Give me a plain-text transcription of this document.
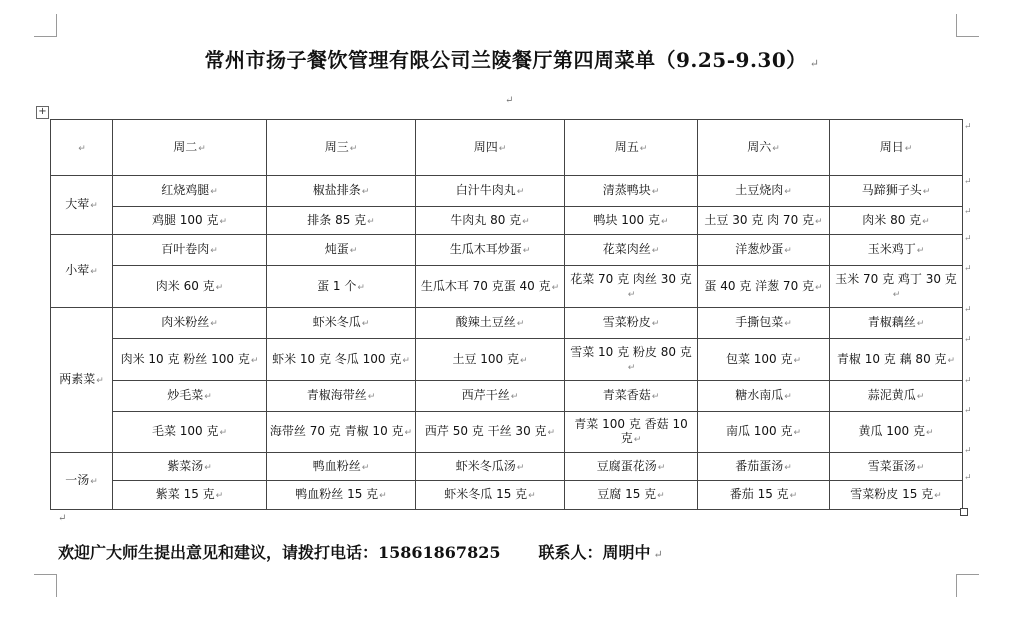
常州市扬子餐饮管理有限公司兰陵餐厅第四周菜单（9.25-9.30） ↵
↵
+
↵	周二↵	周三↵	周四↵	周五↵	周六↵	周日↵
大荤↵	红烧鸡腿↵	椒盐排条↵	白汁牛肉丸↵	清蒸鸭块↵	土豆烧肉↵	马蹄狮子头↵
	鸡腿 100 克↵	排条 85 克↵	牛肉丸 80 克↵	鸭块 100 克↵	土豆 30 克 肉 70 克↵	肉米 80 克↵
小荤↵	百叶卷肉↵	炖蛋↵	生瓜木耳炒蛋↵	花菜肉丝↵	洋葱炒蛋↵	玉米鸡丁↵
	肉米 60 克↵	蛋 1 个↵	生瓜木耳 70 克蛋 40 克↵	花菜 70 克 肉丝 30 克↵	蛋 40 克 洋葱 70 克↵	玉米 70 克 鸡丁 30 克↵
两素菜↵	肉米粉丝↵	虾米冬瓜↵	酸辣土豆丝↵	雪菜粉皮↵	手撕包菜↵	青椒藕丝↵
	肉米 10 克 粉丝 100 克↵	虾米 10 克 冬瓜 100 克↵	土豆 100 克↵	雪菜 10 克 粉皮 80 克↵	包菜 100 克↵	青椒 10 克 藕 80 克↵
	炒毛菜↵	青椒海带丝↵	西芹干丝↵	青菜香菇↵	糖水南瓜↵	蒜泥黄瓜↵
	毛菜 100 克↵	海带丝 70 克 青椒 10 克↵	西芹 50 克 干丝 30 克↵	青菜 100 克 香菇 10 克↵	南瓜 100 克↵	黄瓜 100 克↵
一汤↵	紫菜汤↵	鸭血粉丝↵	虾米冬瓜汤↵	豆腐蛋花汤↵	番茄蛋汤↵	雪菜蛋汤↵
	紫菜 15 克↵	鸭血粉丝 15 克↵	虾米冬瓜 15 克↵	豆腐 15 克↵	番茄 15 克↵	雪菜粉皮 15 克↵
↵
↵
↵
↵
↵
↵
↵
↵
↵
↵
↵
↵
欢迎广大师生提出意见和建议，请拨打电话：15861867825 联系人：周明中 ↵
